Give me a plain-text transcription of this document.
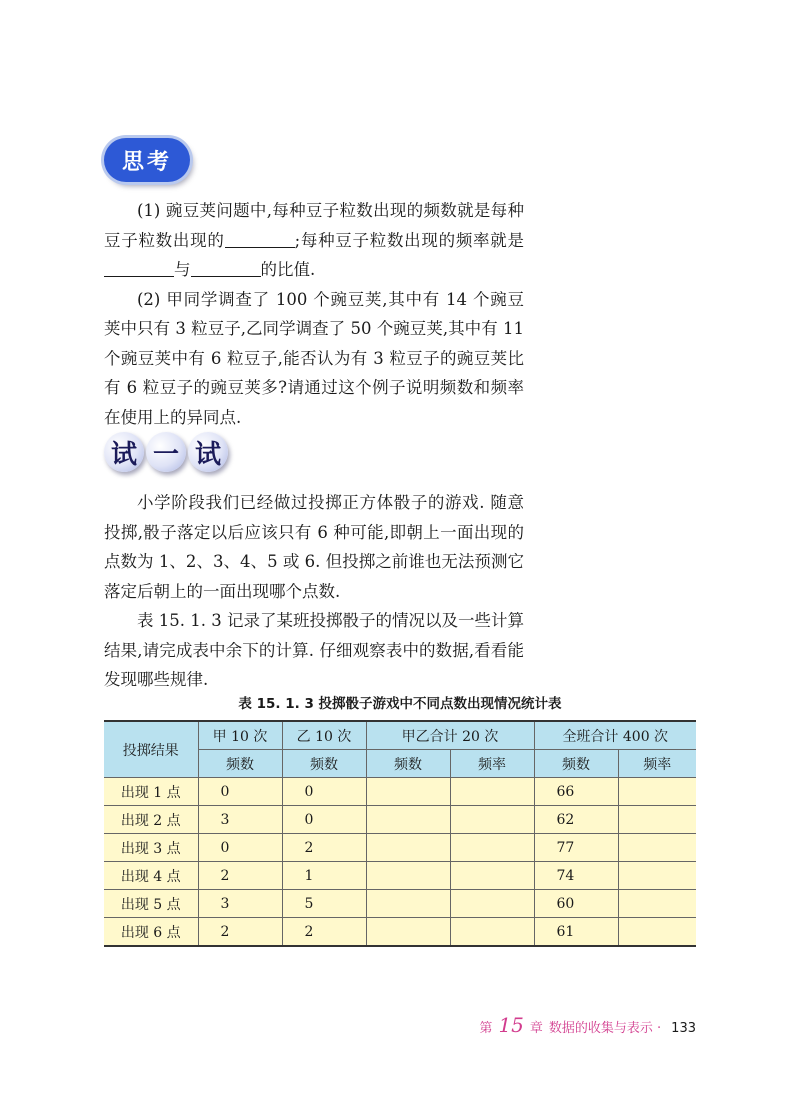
思考

(1) 豌豆荚问题中,每种豆子粒数出现的频数就是每种豆子粒数出现的	;每种豆子粒数出现的频率就是与	的比值.

(2) 甲同学调查了 100 个豌豆荚,其中有 14 个豌豆荚中只有 3 粒豆子,乙同学调查了 50 个豌豆荚,其中有 11 个豌豆荚中有 6 粒豆子,能否认为有 3 粒豆子的豌豆荚比有 6 粒豆子的豌豆荚多?请通过这个例子说明频数和频率在使用上的异同点.

试 一 试

小学阶段我们已经做过投掷正方体骰子的游戏. 随意投掷,骰子落定以后应该只有 6 种可能,即朝上一面出现的点数为 1、2、3、4、5 或 6. 但投掷之前谁也无法预测它落定后朝上的一面出现哪个点数.

表 15. 1. 3 记录了某班投掷骰子的情况以及一些计算结果,请完成表中余下的计算. 仔细观察表中的数据,看看能发现哪些规律.

表 15. 1. 3 投掷骰子游戏中不同点数出现情况统计表
投掷结果	甲 10 次	乙 10 次	甲乙合计 20 次		全班合计 400 次	
	频数	频数	频数	频率	频数	频率
出现 1 点	0	0			66	
出现 2 点	3	0			62	
出现 3 点	0	2			77	
出现 4 点	2	1			74	
出现 5 点	3	5			60	
出现 6 点	2	2			61	
第 15 章 数据的收集与表示 · 133
